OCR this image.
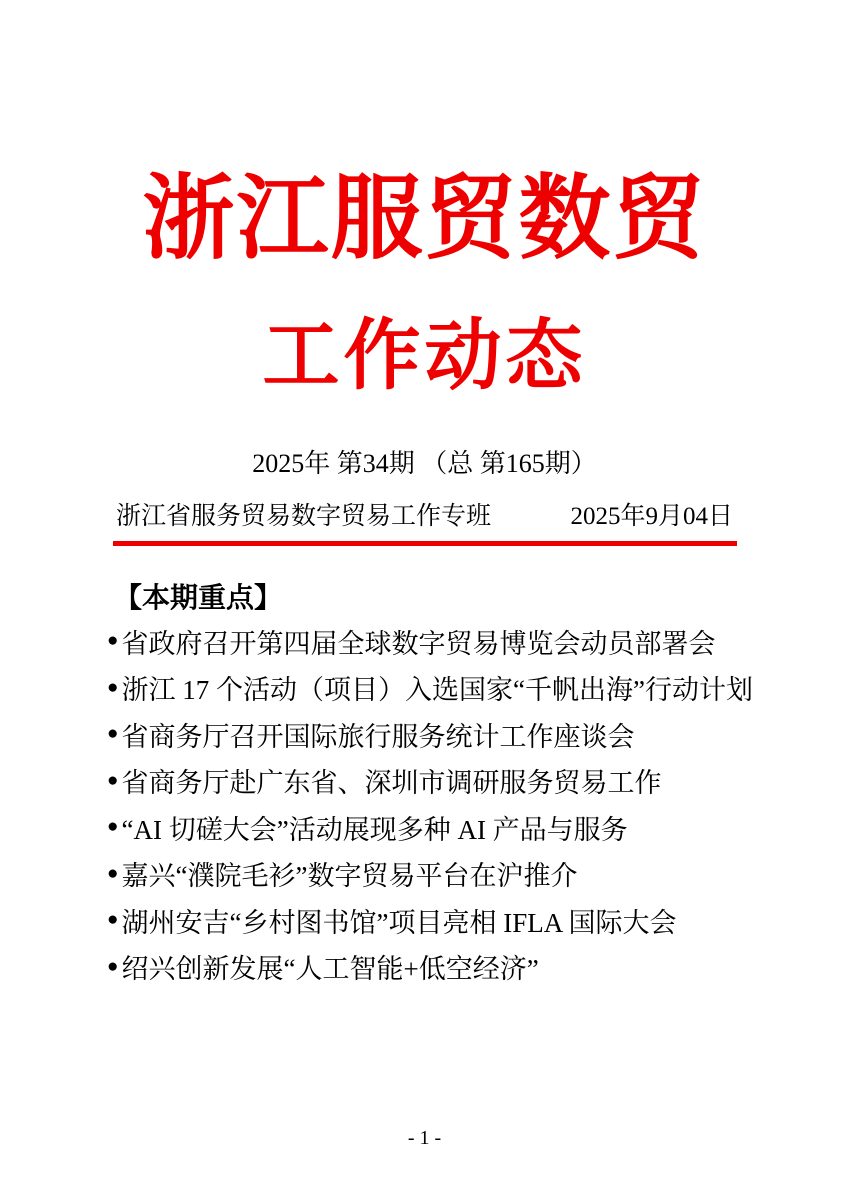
浙江服贸数贸
工作动态
2025年 第34期 （总 第165期）
浙江省服务贸易数字贸易工作专班	2025年9月04日
【本期重点】
● 省政府召开第四届全球数字贸易博览会动员部署会
● 浙江 17 个活动（项目）入选国家“千帆出海”行动计划
● 省商务厅召开国际旅行服务统计工作座谈会
● 省商务厅赴广东省、深圳市调研服务贸易工作
● “AI 切磋大会”活动展现多种 AI 产品与服务
● 嘉兴“濮院毛衫”数字贸易平台在沪推介
● 湖州安吉“乡村图书馆”项目亮相 IFLA 国际大会
● 绍兴创新发展“人工智能+低空经济”
- 1 -
